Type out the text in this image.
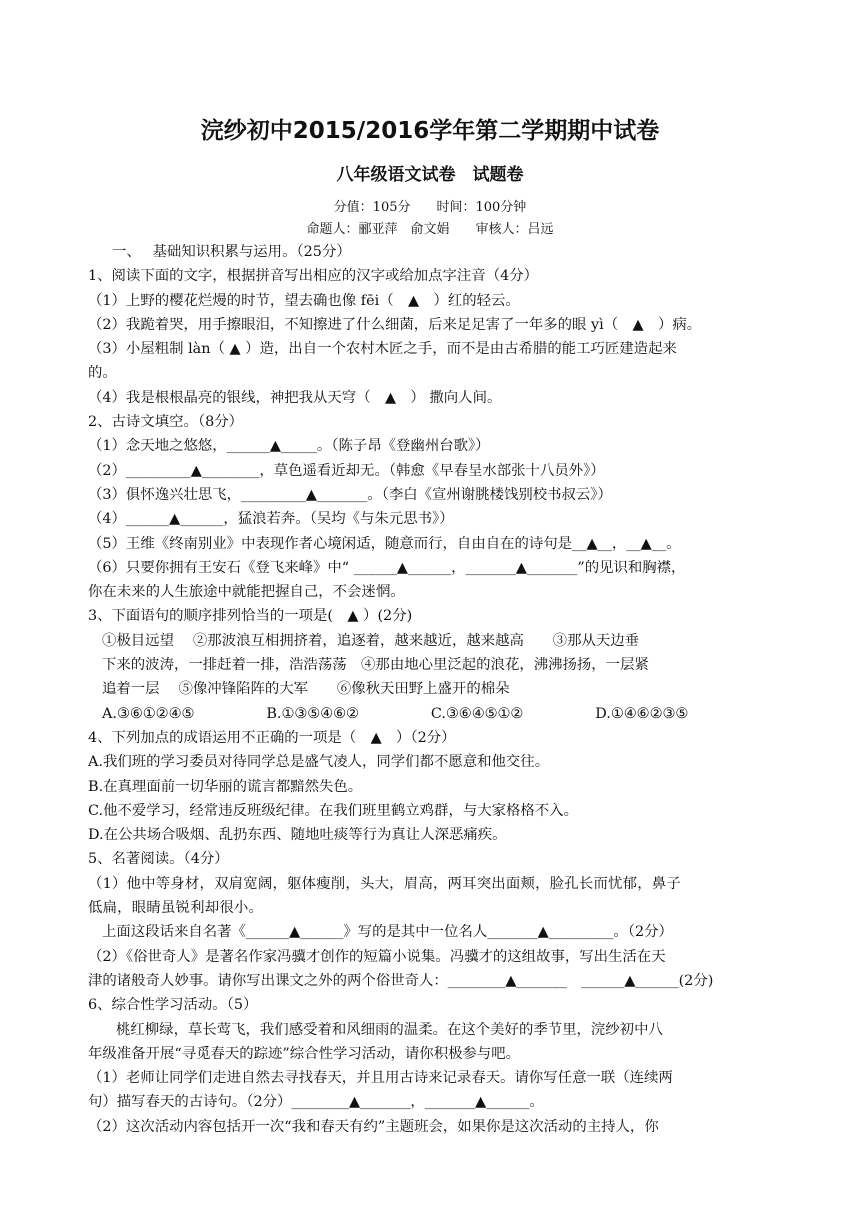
浣纱初中2015/2016学年第二学期期中试卷
八年级语文试卷　试题卷
分值：105分　　时间：100分钟
命题人：郦亚萍　俞文娟　　审核人：吕远

一、　 基础知识积累与运用。（25分）

1、阅读下面的文字，根据拼音写出相应的汉字或给加点字注音（4分）

（1）上野的樱花烂熳的时节，望去确也像 fēi（　▲　）红的轻云。

（2）我跪着哭，用手擦眼泪，不知擦进了什么细菌，后来足足害了一年多的眼 yì（　▲　）病。

（3）小屋粗制 làn（ ▲ ）造，出自一个农村木匠之手，而不是由古希腊的能工巧匠建造起来

的。

（4）我是根根晶亮的银线，神把我从天穹（　▲　） 撒向人间。

2、古诗文填空。（8分）

（1）念天地之悠悠，______▲_____。（陈子昂《登幽州台歌》）

（2）_________▲________，草色遥看近却无。（韩愈《早春呈水部张十八员外》）

（3）俱怀逸兴壮思飞，_________▲_______。（李白《宣州谢朓楼饯别校书叔云》）

（4）______▲______，猛浪若奔。（吴均《与朱元思书》）

（5）王维《终南别业》中表现作者心境闲适，随意而行，自由自在的诗句是__▲__，__▲__。

（6）只要你拥有王安石《登飞来峰》中“ ______▲______，_______▲_______”的见识和胸襟，

你在未来的人生旅途中就能把握自己，不会迷惘。

3、下面语句的顺序排列恰当的一项是(　▲ ）(2分)

①极目远望　 ②那波浪互相拥挤着，追逐着，越来越近，越来越高　　③那从天边垂

下来的波涛，一排赶着一排，浩浩荡荡　④那由地心里泛起的浪花，沸沸扬扬，一层紧

追着一层　 ⑤像冲锋陷阵的大军　　⑥像秋天田野上盛开的棉朵

A.③⑥①②④⑤　　　　　B.①③⑤④⑥②　　　　　C.③⑥④⑤①②　　　　　D.①④⑥②③⑤

4、下列加点的成语运用不正确的一项是（　▲　）（2分）

A.我们班的学习委员对待同学总是盛气凌人，同学们都不愿意和他交往。

B.在真理面前一切华丽的谎言都黯然失色。

C.他不爱学习，经常违反班级纪律。在我们班里鹤立鸡群，与大家格格不入。

D.在公共场合吸烟、乱扔东西、随地吐痰等行为真让人深恶痛疾。

5、名著阅读。（4分）

（1）他中等身材，双肩宽阔，躯体瘦削，头大，眉高，两耳突出面颊，脸孔长而忧郁，鼻子

低扁，眼睛虽锐利却很小。

上面这段话来自名著《______▲______》写的是其中一位名人_______▲_________。（2分）

（2）《俗世奇人》是著名作家冯骥才创作的短篇小说集。冯骥才的这组故事，写出生活在天

津的诸般奇人妙事。请你写出课文之外的两个俗世奇人：________▲_______　______▲______(2分)

6、综合性学习活动。（5）

桃红柳绿，草长莺飞，我们感受着和风细雨的温柔。在这个美好的季节里，浣纱初中八

年级准备开展“寻觅春天的踪迹”综合性学习活动，请你积极参与吧。

（1）老师让同学们走进自然去寻找春天，并且用古诗来记录春天。请你写任意一联（连续两

句）描写春天的古诗句。（2分）________▲_______，_______▲______。

（2）这次活动内容包括开一次“我和春天有约”主题班会，如果你是这次活动的主持人，你
